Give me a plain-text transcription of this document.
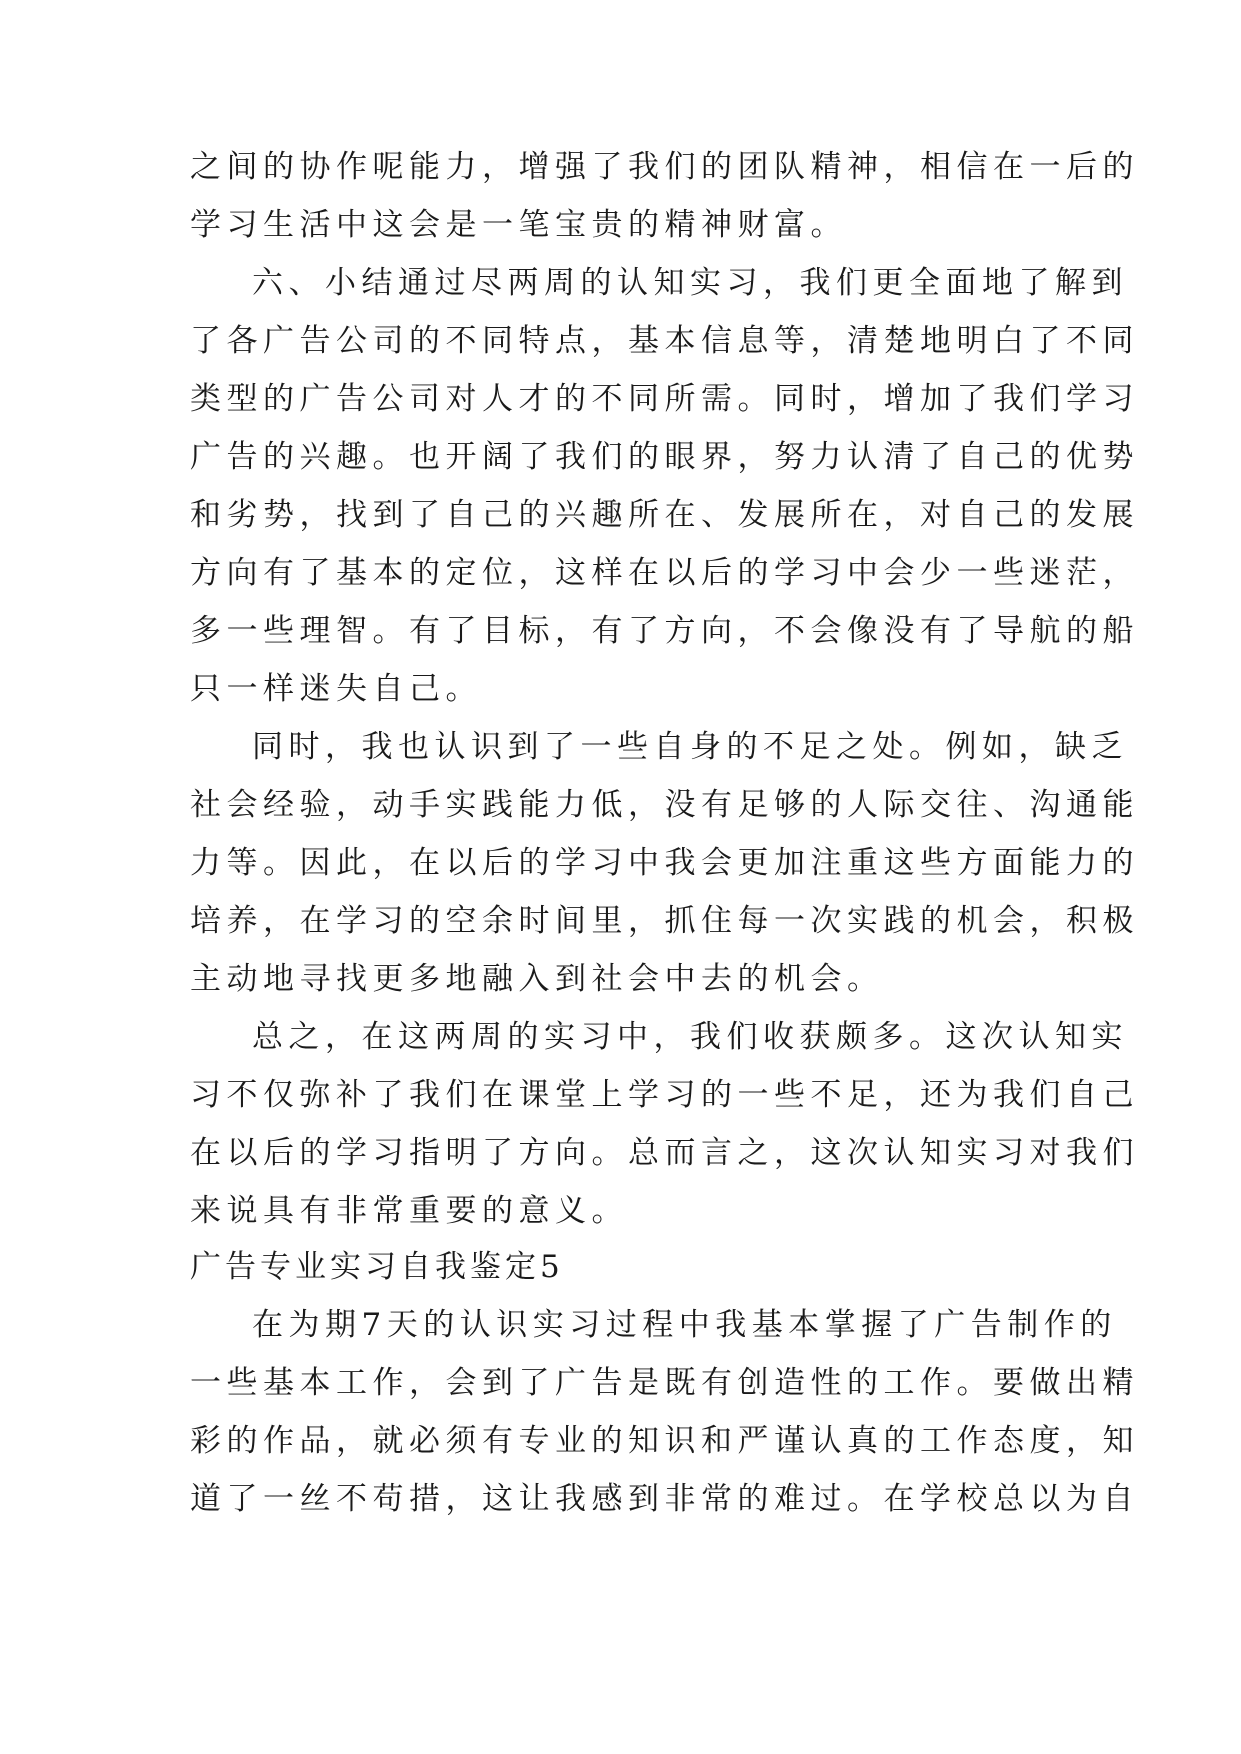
之间的协作呢能力，增强了我们的团队精神，相信在一后的
学习生活中这会是一笔宝贵的精神财富。
六、小结通过尽两周的认知实习，我们更全面地了解到
了各广告公司的不同特点，基本信息等，清楚地明白了不同
类型的广告公司对人才的不同所需。同时，增加了我们学习
广告的兴趣。也开阔了我们的眼界，努力认清了自己的优势
和劣势，找到了自己的兴趣所在、发展所在，对自己的发展
方向有了基本的定位，这样在以后的学习中会少一些迷茫，
多一些理智。有了目标，有了方向，不会像没有了导航的船
只一样迷失自己。
同时，我也认识到了一些自身的不足之处。例如，缺乏
社会经验，动手实践能力低，没有足够的人际交往、沟通能
力等。因此，在以后的学习中我会更加注重这些方面能力的
培养，在学习的空余时间里，抓住每一次实践的机会，积极
主动地寻找更多地融入到社会中去的机会。
总之，在这两周的实习中，我们收获颇多。这次认知实
习不仅弥补了我们在课堂上学习的一些不足，还为我们自己
在以后的学习指明了方向。总而言之，这次认知实习对我们
来说具有非常重要的意义。
广告专业实习自我鉴定5
在为期7天的认识实习过程中我基本掌握了广告制作的
一些基本工作，会到了广告是既有创造性的工作。要做出精
彩的作品，就必须有专业的知识和严谨认真的工作态度，知
道了一丝不苟措，这让我感到非常的难过。在学校总以为自
